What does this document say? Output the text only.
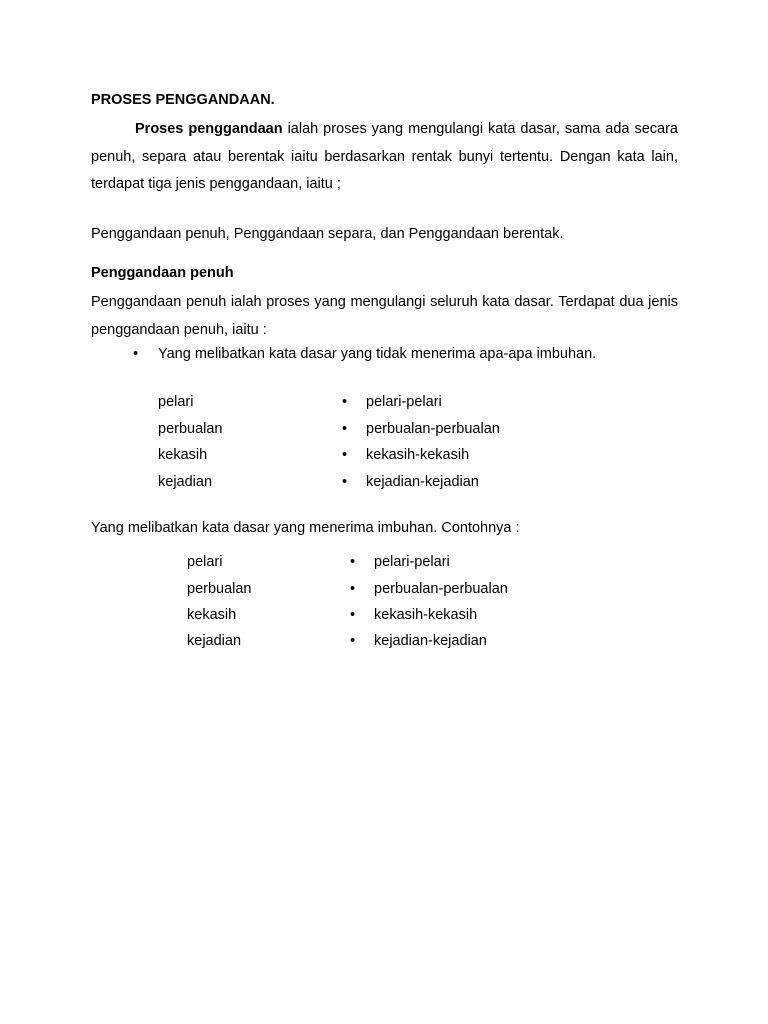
PROSES PENGGANDAAN.
Proses penggandaan ialah proses yang mengulangi kata dasar, sama ada secara penuh, separa atau berentak iaitu berdasarkan rentak bunyi tertentu. Dengan kata lain, terdapat tiga jenis penggandaan, iaitu ;
Penggandaan penuh, Penggandaan separa, dan Penggandaan berentak.
Penggandaan penuh
Penggandaan penuh ialah proses yang mengulangi seluruh kata dasar. Terdapat dua jenis penggandaan penuh, iaitu :
• Yang melibatkan kata dasar yang tidak menerima apa-apa imbuhan.
pelari	• pelari-pelari
perbualan	• perbualan-perbualan
kekasih	• kekasih-kekasih
kejadian	• kejadian-kejadian
Yang melibatkan kata dasar yang menerima imbuhan. Contohnya :
pelari	• pelari-pelari
perbualan	• perbualan-perbualan
kekasih	• kekasih-kekasih
kejadian	• kejadian-kejadian
